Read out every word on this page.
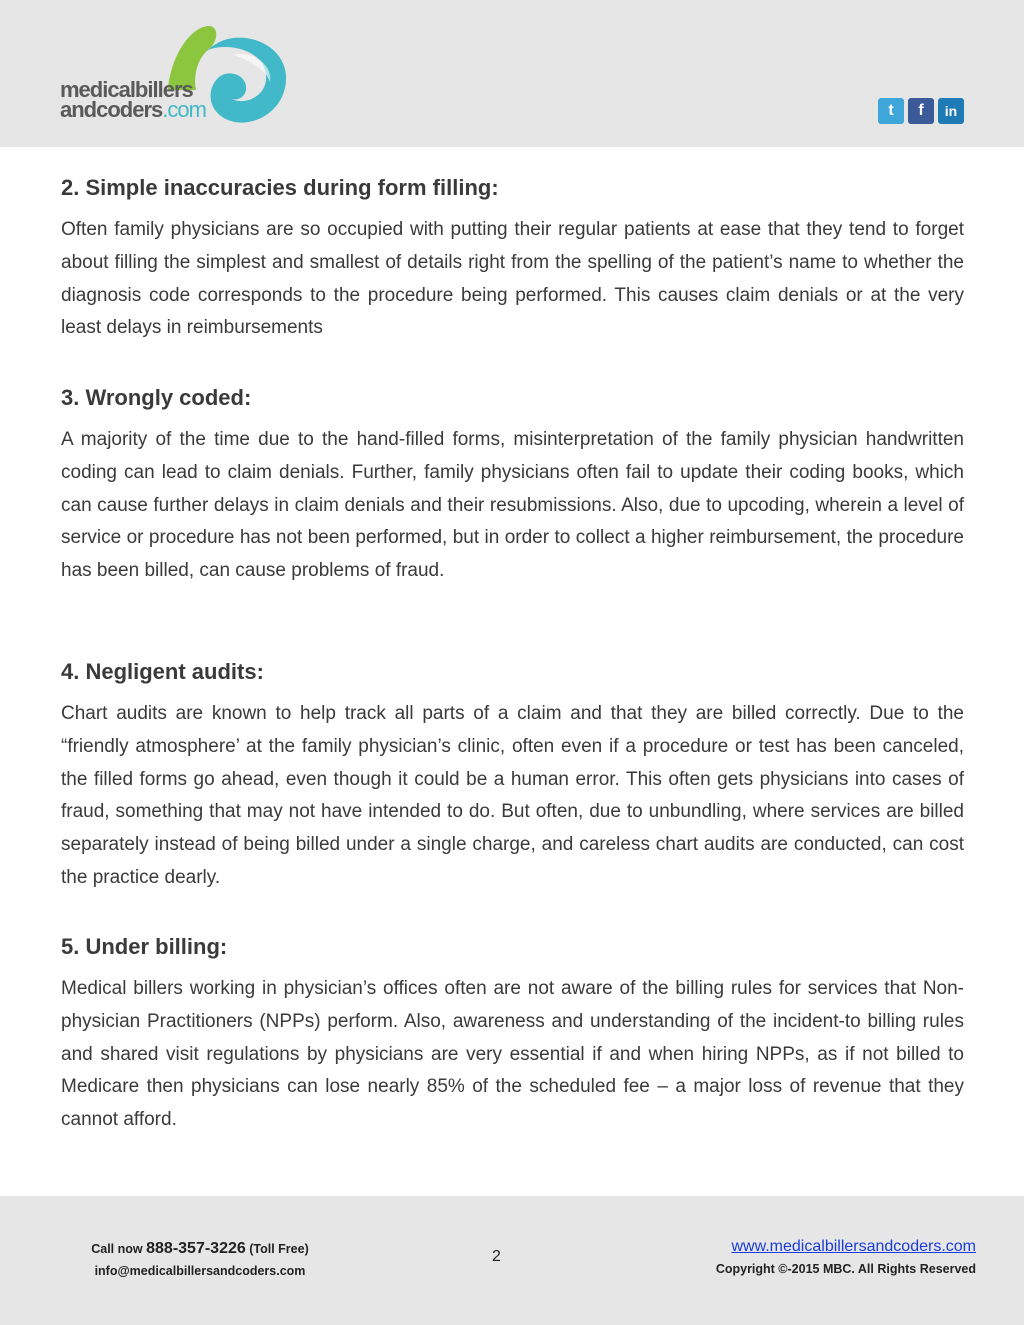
medicalbillers
andcoders.com	t	f	in
2. Simple inaccuracies during form filling:

Often family physicians are so occupied with putting their regular patients at ease that they tend to forget about filling the simplest and smallest of details right from the spelling of the patient’s name to whether the diagnosis code corresponds to the procedure being performed. This causes claim denials or at the very least delays in reimbursements

3. Wrongly coded:

A majority of the time due to the hand-filled forms, misinterpretation of the family physician handwritten coding can lead to claim denials. Further, family physicians often fail to update their coding books, which can cause further delays in claim denials and their resubmissions. Also, due to upcoding, wherein a level of service or procedure has not been performed, but in order to collect a higher reimbursement, the procedure has been billed, can cause problems of fraud.

4. Negligent audits:

Chart audits are known to help track all parts of a claim and that they are billed correctly. Due to the “friendly atmosphere’ at the family physician’s clinic, often even if a procedure or test has been canceled, the filled forms go ahead, even though it could be a human error. This often gets physicians into cases of fraud, something that may not have intended to do. But often, due to unbundling, where services are billed separately instead of being billed under a single charge, and careless chart audits are conducted, can cost the practice dearly.

5. Under billing:

Medical billers working in physician’s offices often are not aware of the billing rules for services that Non-physician Practitioners (NPPs) perform. Also, awareness and understanding of the incident-to billing rules and shared visit regulations by physicians are very essential if and when hiring NPPs, as if not billed to Medicare then physicians can lose nearly 85% of the scheduled fee – a major loss of revenue that they cannot afford.

Call now 888-357-3226 (Toll Free)
info@medicalbillersandcoders.com
2
www.medicalbillersandcoders.com
Copyright ©-2015 MBC. All Rights Reserved
